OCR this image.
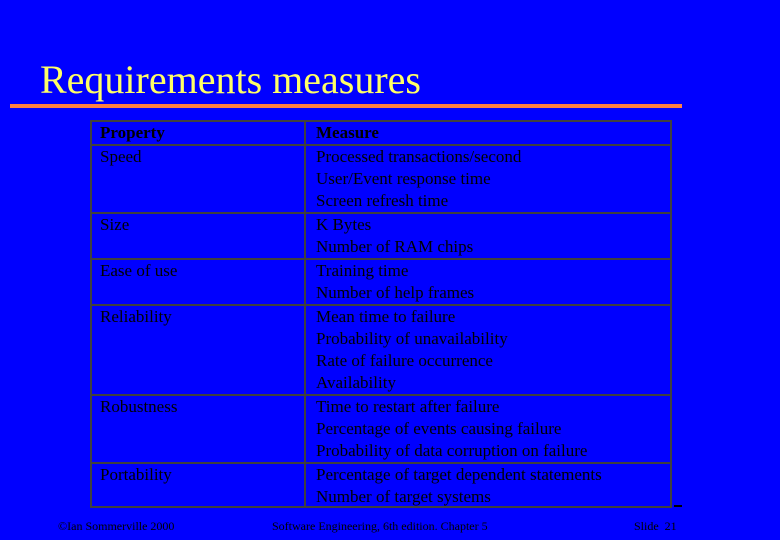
Requirements measures
Property	Measure
Speed	Processed transactions/second
User/Event response time
Screen refresh time
Size	K Bytes
Number of RAM chips
Ease of use	Training time
Number of help frames
Reliability	Mean time to failure
Probability of unavailability
Rate of failure occurrence
Availability
Robustness	Time to restart after failure
Percentage of events causing failure
Probability of data corruption on failure
Portability	Percentage of target dependent statements
Number of target systems
©Ian Sommerville 2000	Software Engineering, 6th edition. Chapter 5	Slide 21
